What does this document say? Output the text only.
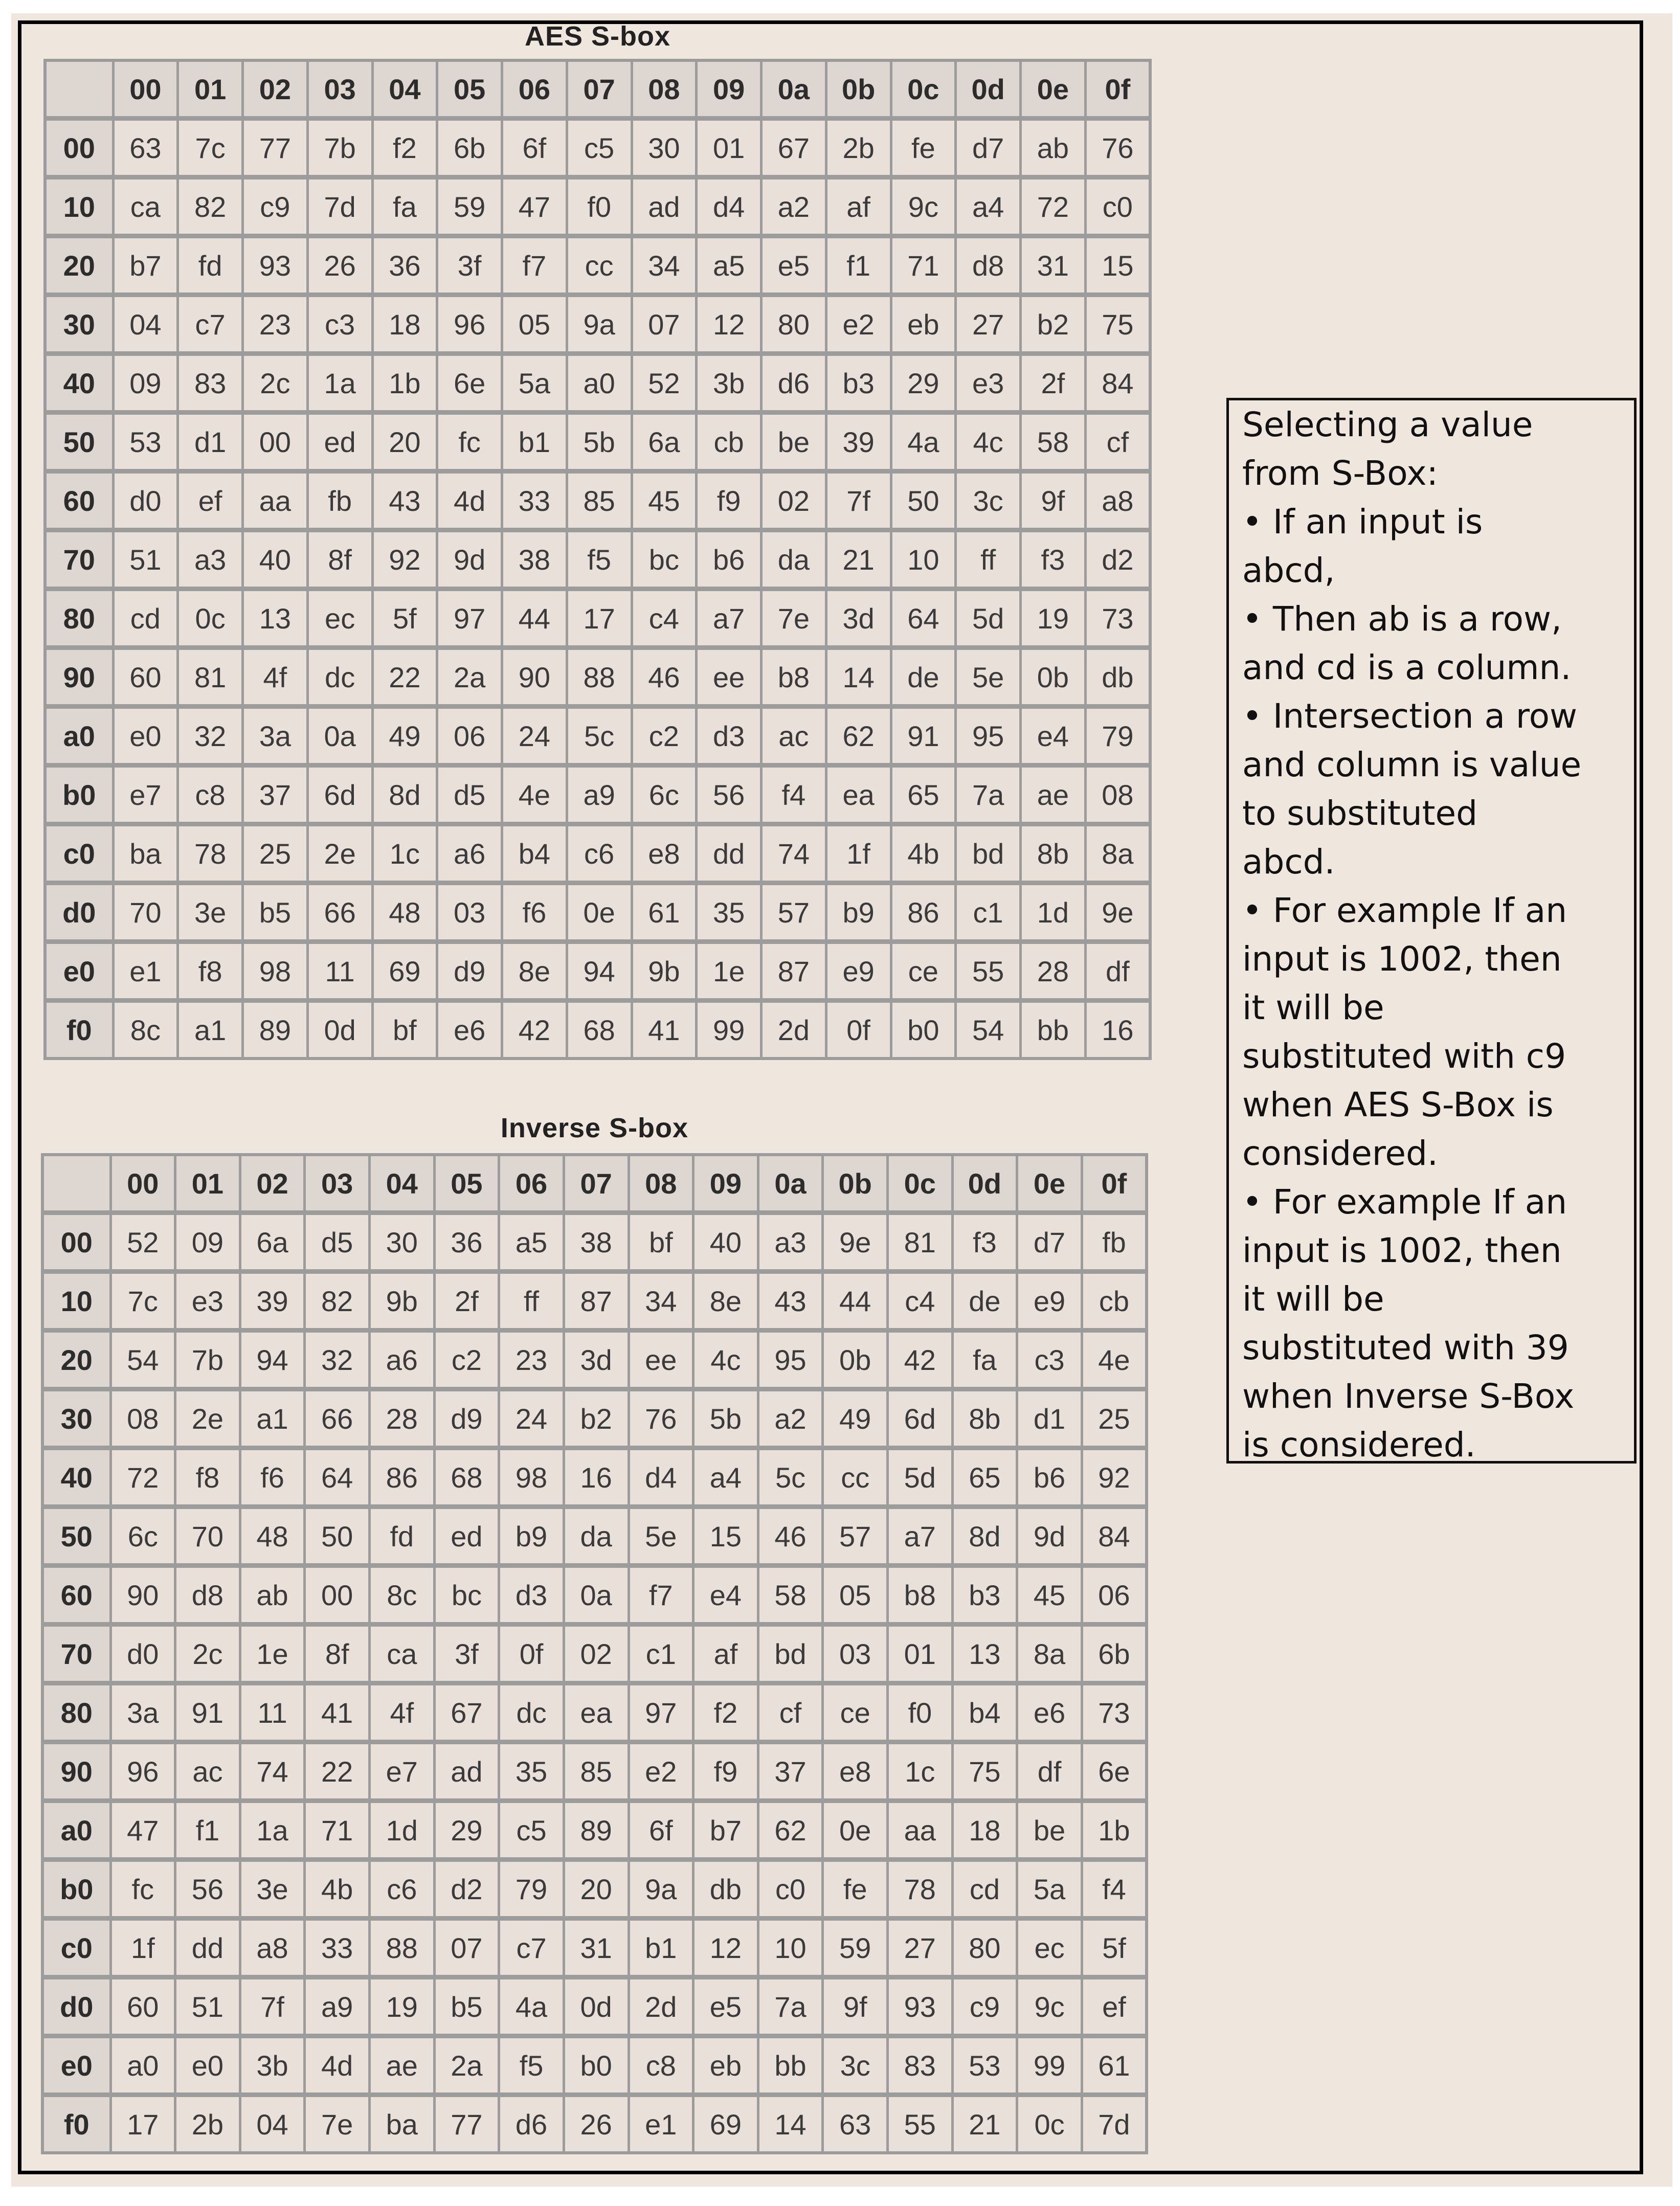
AES S-box
	00	01	02	03	04	05	06	07	08	09	0a	0b	0c	0d	0e	0f
00	63	7c	77	7b	f2	6b	6f	c5	30	01	67	2b	fe	d7	ab	76
10	ca	82	c9	7d	fa	59	47	f0	ad	d4	a2	af	9c	a4	72	c0
20	b7	fd	93	26	36	3f	f7	cc	34	a5	e5	f1	71	d8	31	15
30	04	c7	23	c3	18	96	05	9a	07	12	80	e2	eb	27	b2	75
40	09	83	2c	1a	1b	6e	5a	a0	52	3b	d6	b3	29	e3	2f	84
50	53	d1	00	ed	20	fc	b1	5b	6a	cb	be	39	4a	4c	58	cf
60	d0	ef	aa	fb	43	4d	33	85	45	f9	02	7f	50	3c	9f	a8
70	51	a3	40	8f	92	9d	38	f5	bc	b6	da	21	10	ff	f3	d2
80	cd	0c	13	ec	5f	97	44	17	c4	a7	7e	3d	64	5d	19	73
90	60	81	4f	dc	22	2a	90	88	46	ee	b8	14	de	5e	0b	db
a0	e0	32	3a	0a	49	06	24	5c	c2	d3	ac	62	91	95	e4	79
b0	e7	c8	37	6d	8d	d5	4e	a9	6c	56	f4	ea	65	7a	ae	08
c0	ba	78	25	2e	1c	a6	b4	c6	e8	dd	74	1f	4b	bd	8b	8a
d0	70	3e	b5	66	48	03	f6	0e	61	35	57	b9	86	c1	1d	9e
e0	e1	f8	98	11	69	d9	8e	94	9b	1e	87	e9	ce	55	28	df
f0	8c	a1	89	0d	bf	e6	42	68	41	99	2d	0f	b0	54	bb	16
Inverse S-box
	00	01	02	03	04	05	06	07	08	09	0a	0b	0c	0d	0e	0f
00	52	09	6a	d5	30	36	a5	38	bf	40	a3	9e	81	f3	d7	fb
10	7c	e3	39	82	9b	2f	ff	87	34	8e	43	44	c4	de	e9	cb
20	54	7b	94	32	a6	c2	23	3d	ee	4c	95	0b	42	fa	c3	4e
30	08	2e	a1	66	28	d9	24	b2	76	5b	a2	49	6d	8b	d1	25
40	72	f8	f6	64	86	68	98	16	d4	a4	5c	cc	5d	65	b6	92
50	6c	70	48	50	fd	ed	b9	da	5e	15	46	57	a7	8d	9d	84
60	90	d8	ab	00	8c	bc	d3	0a	f7	e4	58	05	b8	b3	45	06
70	d0	2c	1e	8f	ca	3f	0f	02	c1	af	bd	03	01	13	8a	6b
80	3a	91	11	41	4f	67	dc	ea	97	f2	cf	ce	f0	b4	e6	73
90	96	ac	74	22	e7	ad	35	85	e2	f9	37	e8	1c	75	df	6e
a0	47	f1	1a	71	1d	29	c5	89	6f	b7	62	0e	aa	18	be	1b
b0	fc	56	3e	4b	c6	d2	79	20	9a	db	c0	fe	78	cd	5a	f4
c0	1f	dd	a8	33	88	07	c7	31	b1	12	10	59	27	80	ec	5f
d0	60	51	7f	a9	19	b5	4a	0d	2d	e5	7a	9f	93	c9	9c	ef
e0	a0	e0	3b	4d	ae	2a	f5	b0	c8	eb	bb	3c	83	53	99	61
f0	17	2b	04	7e	ba	77	d6	26	e1	69	14	63	55	21	0c	7d

Selecting a value

from S-Box:

• If an input is

abcd,

• Then ab is a row,

and cd is a column.

• Intersection a row

and column is value

to substituted

abcd.

• For example If an

input is 1002, then

it will be

substituted with c9

when AES S-Box is

considered.

• For example If an

input is 1002, then

it will be

substituted with 39

when Inverse S-Box

is considered.
